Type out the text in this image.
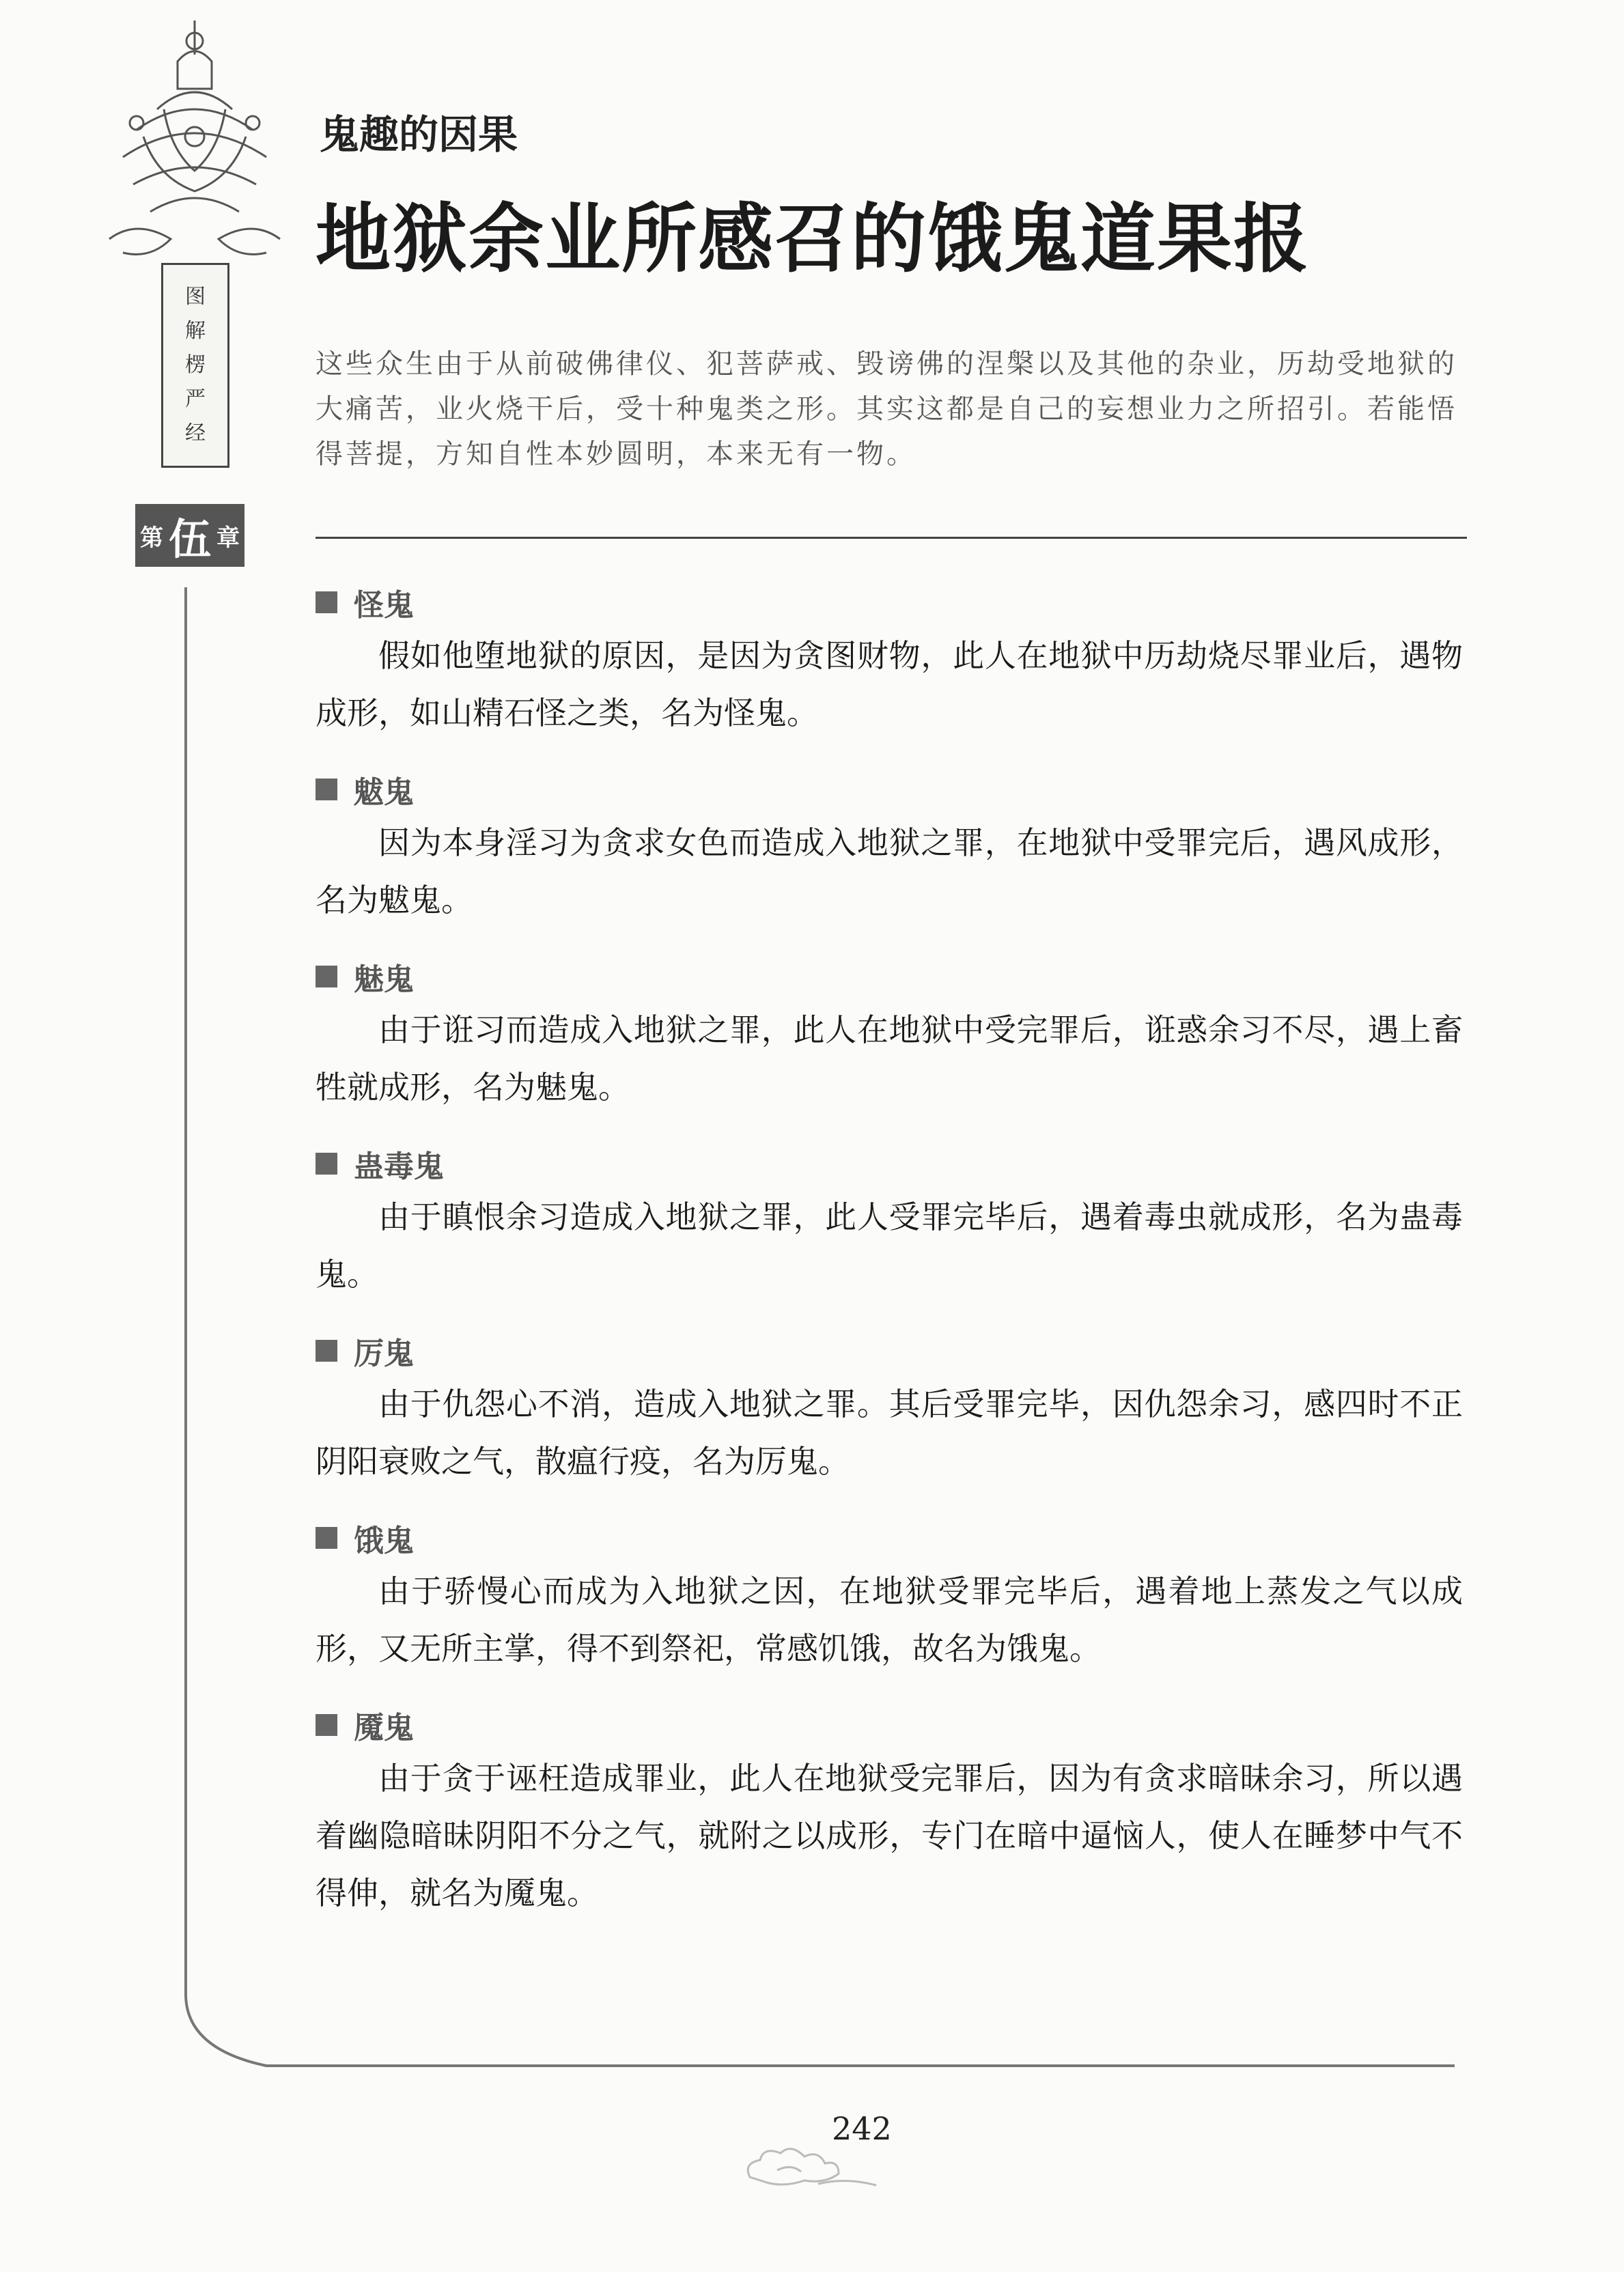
图
解
楞
严
经
第 伍 章
鬼趣的因果
地狱余业所感召的饿鬼道果报
这些众生由于从前破佛律仪、犯菩萨戒、毁谤佛的涅槃以及其他的杂业，历劫受地狱的大痛苦，业火烧干后，受十种鬼类之形。其实这都是自己的妄想业力之所招引。若能悟得菩提，方知自性本妙圆明，本来无有一物。
怪鬼
假如他堕地狱的原因，是因为贪图财物，此人在地狱中历劫烧尽罪业后，遇物成形，如山精石怪之类，名为怪鬼。
魃鬼
因为本身淫习为贪求女色而造成入地狱之罪，在地狱中受罪完后，遇风成形，名为魃鬼。
魅鬼
由于诳习而造成入地狱之罪，此人在地狱中受完罪后，诳惑余习不尽，遇上畜牲就成形，名为魅鬼。
蛊毒鬼
由于瞋恨余习造成入地狱之罪，此人受罪完毕后，遇着毒虫就成形，名为蛊毒鬼。
厉鬼
由于仇怨心不消，造成入地狱之罪。其后受罪完毕，因仇怨余习，感四时不正阴阳衰败之气，散瘟行疫，名为厉鬼。
饿鬼
由于骄慢心而成为入地狱之因，在地狱受罪完毕后，遇着地上蒸发之气以成形，又无所主掌，得不到祭祀，常感饥饿，故名为饿鬼。
魇鬼
由于贪于诬枉造成罪业，此人在地狱受完罪后，因为有贪求暗昧余习，所以遇着幽隐暗昧阴阳不分之气，就附之以成形，专门在暗中逼恼人，使人在睡梦中气不得伸，就名为魇鬼。
242
